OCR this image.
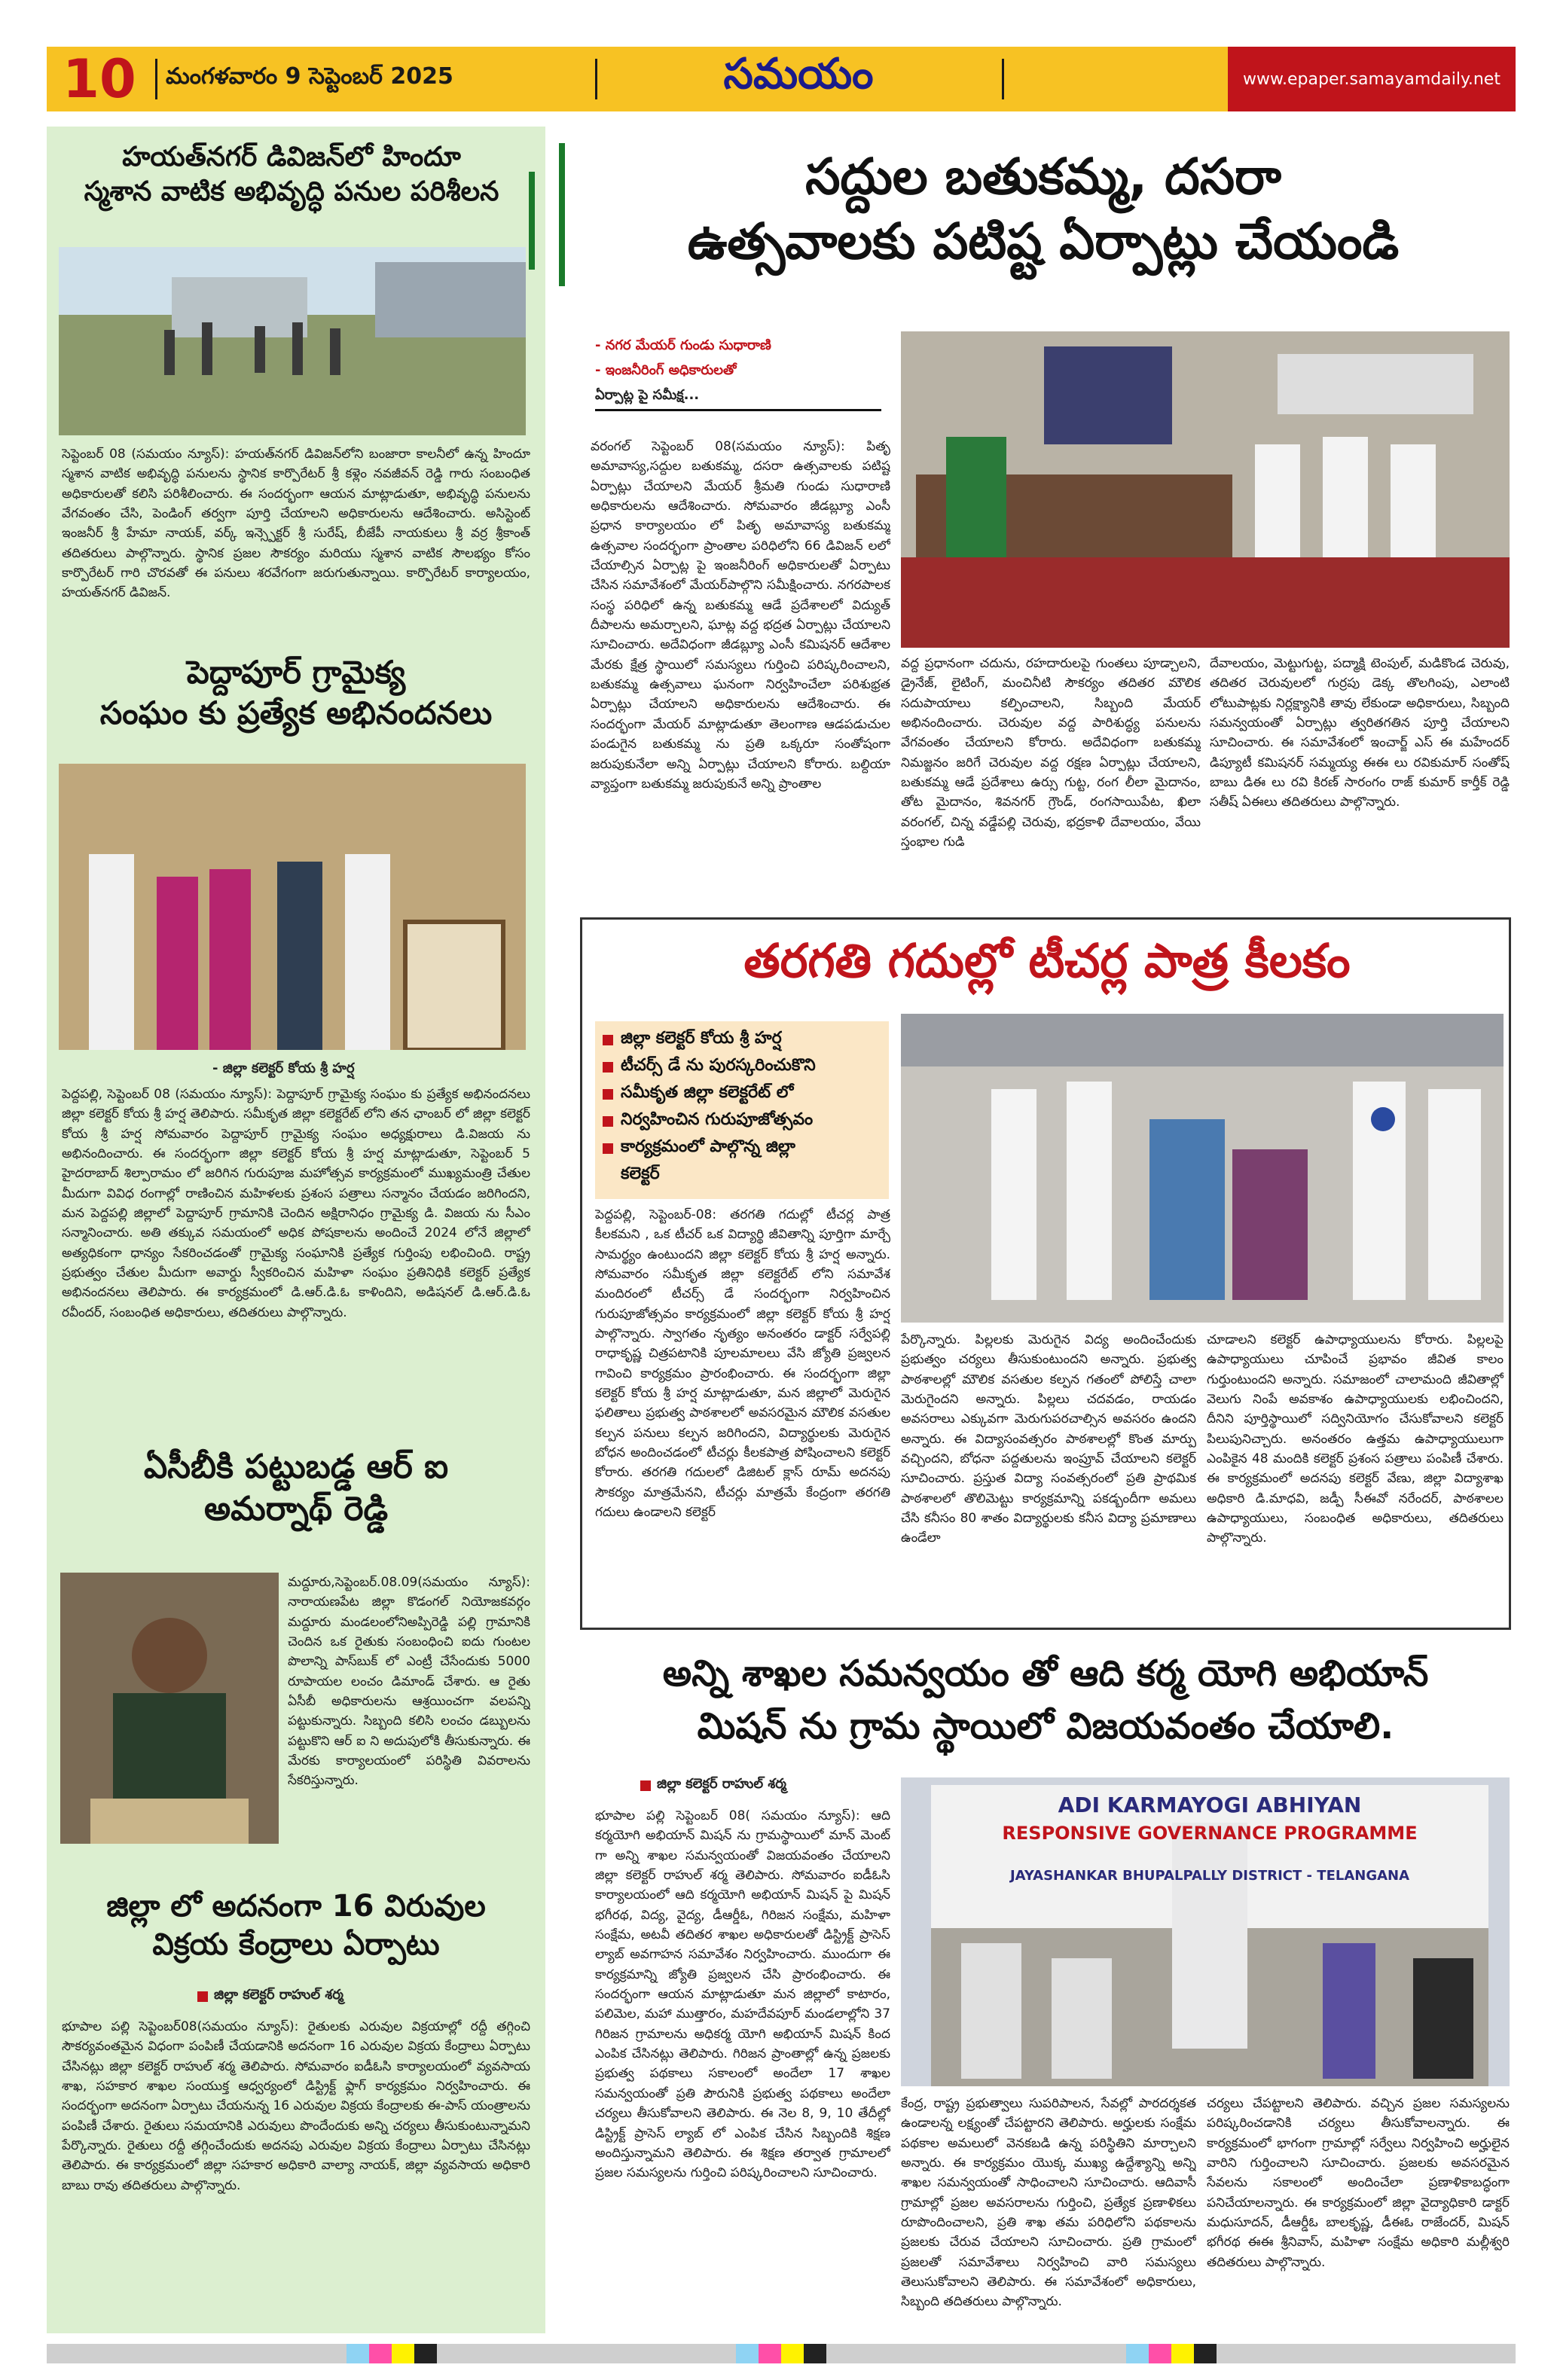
10	మంగళవారం 9 సెప్టెంబర్ 2025	సమయం	www.epaper.samayamdaily.net
హయత్‌నగర్ డివిజన్‌లో హిందూ
స్మశాన వాటిక అభివృద్ధి పనుల పరిశీలన
సెప్టెంబర్ 08 (సమయం న్యూస్): హయత్‌నగర్ డివిజన్‌లోని బంజారా కాలనీలో ఉన్న హిందూ స్మశాన వాటిక అభివృద్ధి పనులను స్థానిక కార్పొరేటర్ శ్రీ కళ్లెం నవజీవన్ రెడ్డి గారు సంబంధిత అధికారులతో కలిసి పరిశీలించారు. ఈ సందర్భంగా ఆయన మాట్లాడుతూ, అభివృద్ధి పనులను వేగవంతం చేసి, పెండింగ్ తర్వగా పూర్తి చేయాలని అధికారులను ఆదేశించారు. అసిస్టెంట్ ఇంజనీర్ శ్రీ హేమా నాయక్, వర్క్ ఇన్స్పెక్టర్ శ్రీ సురేష్, బీజేపీ నాయకులు శ్రీ వర్ర శ్రీకాంత్ తదితరులు పాల్గొన్నారు. స్థానిక ప్రజల సౌకర్యం మరియు స్మశాన వాటిక సౌలభ్యం కోసం కార్పొరేటర్ గారి చొరవతో ఈ పనులు శరవేగంగా జరుగుతున్నాయి. కార్పొరేటర్ కార్యాలయం, హయత్‌నగర్ డివిజన్.
పెద్దాపూర్ గ్రామైక్య
సంఘం కు ప్రత్యేక అభినందనలు
- జిల్లా కలెక్టర్ కోయ శ్రీ హర్ష
పెద్దపల్లి, సెప్టెంబర్ 08 (సమయం న్యూస్): పెద్దాపూర్ గ్రామైక్య సంఘం కు ప్రత్యేక అభినందనలు జిల్లా కలెక్టర్ కోయ శ్రీ హర్ష తెలిపారు. సమీకృత జిల్లా కలెక్టరేట్ లోని తన ఛాంబర్ లో జిల్లా కలెక్టర్ కోయ శ్రీ హర్ష సోమవారం పెద్దాపూర్ గ్రామైక్య సంఘం అధ్యక్షురాలు డి.విజయ ను అభినందించారు. ఈ సందర్భంగా జిల్లా కలెక్టర్ కోయ శ్రీ హర్ష మాట్లాడుతూ, సెప్టెంబర్ 5 హైదరాబాద్ శిల్పారామం లో జరిగిన గురుపూజ మహోత్సవ కార్యక్రమంలో ముఖ్యమంత్రి చేతుల మీదుగా వివిధ రంగాల్లో రాణించిన మహిళలకు ప్రశంస పత్రాలు సన్మానం చేయడం జరిగిందని, మన పెద్దపల్లి జిల్లాలో పెద్దాపూర్ గ్రామానికి చెందిన అక్షిరానిధం గ్రామైక్య డి. విజయ ను సీఎం సన్మానించారు. అతి తక్కువ సమయంలో అధిక పోషకాలను అందించే 2024 లోనే జిల్లాలో అత్యధికంగా ధాన్యం సేకరించడంతో గ్రామైక్య సంఘానికి ప్రత్యేక గుర్తింపు లభించింది. రాష్ట్ర ప్రభుత్వం చేతుల మీదుగా అవార్డు స్వీకరించిన మహిళా సంఘం ప్రతినిధికి కలెక్టర్ ప్రత్యేక అభినందనలు తెలిపారు. ఈ కార్యక్రమంలో డి.ఆర్.డి.ఓ కాళిందిని, అడిషనల్ డి.ఆర్.డి.ఓ రవీందర్, సంబంధిత అధికారులు, తదితరులు పాల్గొన్నారు.
ఏసీబీకి పట్టుబడ్డ ఆర్ ఐ
అమర్నాథ్ రెడ్డి
మద్దూరు,సెప్టెంబర్.08.09(సమయం న్యూస్): నారాయణపేట జిల్లా కొడంగల్ నియోజకవర్గం మద్దూరు మండలంలోనిఅప్పిరెడ్డి పల్లి గ్రామానికి చెందిన ఒక రైతుకు సంబంధించి ఐదు గుంటల పొలాన్ని పాస్‌బుక్ లో ఎంట్రీ చేసేందుకు 5000 రూపాయల లంచం డిమాండ్ చేశారు. ఆ రైతు ఏసీబీ అధికారులను ఆశ్రయించగా వలపన్ని పట్టుకున్నారు. సిబ్బంది కలిసి లంచం డబ్బులను పట్టుకొని ఆర్ ఐ ని అదుపులోకి తీసుకున్నారు. ఈ మేరకు కార్యాలయంలో పరిస్థితి వివరాలను సేకరిస్తున్నారు.
జిల్లా లో అదనంగా 16 విరువుల
విక్రయ కేంద్రాలు ఏర్పాటు
జిల్లా కలెక్టర్ రాహుల్ శర్మ
భూపాల పల్లి సెప్టెంబర్08(సమయం న్యూస్): రైతులకు ఎరువుల విక్రయాల్లో రద్దీ తగ్గించి సౌకర్యవంతమైన విధంగా పంపిణీ చేయడానికి అదనంగా 16 ఎరువుల విక్రయ కేంద్రాలు ఏర్పాటు చేసినట్లు జిల్లా కలెక్టర్ రాహుల్ శర్మ తెలిపారు. సోమవారం ఐడీఓసి కార్యాలయంలో వ్యవసాయ శాఖ, సహకార శాఖల సంయుక్త ఆధ్వర్యంలో డిస్ట్రిక్ట్ ఫ్లాగ్ కార్యక్రమం నిర్వహించారు. ఈ సందర్భంగా అదనంగా ఏర్పాటు చేయనున్న 16 ఎరువుల విక్రయ కేంద్రాలకు ఈ-పాస్ యంత్రాలను పంపిణీ చేశారు. రైతులు సమయానికి ఎరువులు పొందేందుకు అన్ని చర్యలు తీసుకుంటున్నామని పేర్కొన్నారు. రైతులు రద్దీ తగ్గించేందుకు అదనపు ఎరువుల విక్రయ కేంద్రాలు ఏర్పాటు చేసినట్లు తెలిపారు. ఈ కార్యక్రమంలో జిల్లా సహకార అధికారి వాల్యా నాయక్, జిల్లా వ్యవసాయ అధికారి బాబు రావు తదితరులు పాల్గొన్నారు.
సద్దుల బతుకమ్మ, దసరా
ఉత్సవాలకు పటిష్ట ఏర్పాట్లు చేయండి
- నగర మేయర్ గుండు సుధారాణి
- ఇంజనీరింగ్ అధికారులతో
ఏర్పాట్ల పై సమీక్ష...
వరంగల్ సెప్టెంబర్ 08(సమయం న్యూస్): పితృ అమావాస్య,సద్దుల బతుకమ్మ, దసరా ఉత్సవాలకు పటిష్ట ఏర్పాట్లు చేయాలని మేయర్ శ్రీమతి గుండు సుధారాణి అధికారులను ఆదేశించారు. సోమవారం జీడబ్ల్యూ ఎంసీ ప్రధాన కార్యాలయం లో పితృ అమావాస్య బతుకమ్మ ఉత్సవాల సందర్భంగా ప్రాంతాల పరిధిలోని 66 డివిజన్ లలో చేయాల్సిన ఏర్పాట్ల పై ఇంజనీరింగ్ అధికారులతో ఏర్పాటు చేసిన సమావేశంలో మేయర్‌పాల్గొని సమీక్షించారు. నగరపాలక సంస్థ పరిధిలో ఉన్న బతుకమ్మ ఆడే ప్రదేశాలలో విద్యుత్ దీపాలను అమర్చాలని, ఘాట్ల వద్ద భద్రత ఏర్పాట్లు చేయాలని సూచించారు. అదేవిధంగా జీడబ్ల్యూ ఎంసీ కమిషనర్ ఆదేశాల మేరకు క్షేత్ర స్థాయిలో సమస్యలు గుర్తించి పరిష్కరించాలని, బతుకమ్మ ఉత్సవాలు ఘనంగా నిర్వహించేలా పరిశుభ్రత ఏర్పాట్లు చేయాలని అధికారులను ఆదేశించారు. ఈ సందర్భంగా మేయర్ మాట్లాడుతూ తెలంగాణ ఆడపడుచుల పండుగైన బతుకమ్మ ను ప్రతి ఒక్కరూ సంతోషంగా జరుపుకునేలా అన్ని ఏర్పాట్లు చేయాలని కోరారు. బల్దియా వ్యాప్తంగా బతుకమ్మ జరుపుకునే అన్ని ప్రాంతాల
వద్ద ప్రధానంగా చదును, రహదారులపై గుంతలు పూడ్చాలని, డ్రైనేజ్, లైటింగ్, మంచినీటి సౌకర్యం తదితర మౌలిక సదుపాయాలు కల్పించాలని, సిబ్బంది మేయర్ అభినందించారు. చెరువుల వద్ద పారిశుద్ధ్య పనులను వేగవంతం చేయాలని కోరారు. అదేవిధంగా బతుకమ్మ నిమజ్జనం జరిగే చెరువుల వద్ద రక్షణ ఏర్పాట్లు చేయాలని, బతుకమ్మ ఆడే ప్రదేశాలు ఉర్సు గుట్ట, రంగ లీలా మైదానం, తోట మైదానం, శివనగర్ గ్రౌండ్, రంగసాయిపేట, ఖిలా వరంగల్, చిన్న వడ్డేపల్లి చెరువు, భద్రకాళి దేవాలయం, వేయి స్తంభాల గుడి
దేవాలయం, మెట్టుగుట్ట, పద్మాక్షి టెంపుల్, మడికొండ చెరువు, తదితర చెరువులలో గుర్రపు డెక్క తొలగింపు, ఎలాంటి లోటుపాట్లకు నిర్లక్ష్యానికి తావు లేకుండా అధికారులు, సిబ్బంది సమన్వయంతో ఏర్పాట్లు త్వరితగతిన పూర్తి చేయాలని సూచించారు. ఈ సమావేశంలో ఇంచార్జ్ ఎస్ ఈ మహేందర్ డిప్యూటీ కమిషనర్ సమ్మయ్య ఈఈ లు రవికుమార్ సంతోష్ బాబు డిఈ లు రవి కిరణ్ సారంగం రాజ్ కుమార్ కార్తీక్ రెడ్డి సతీష్ ఏఈలు తదితరులు పాల్గొన్నారు.
తరగతి గదుల్లో టీచర్ల పాత్ర కీలకం
జిల్లా కలెక్టర్ కోయ శ్రీ హర్ష
టీచర్స్ డే ను పురస్కరించుకొని
సమీకృత జిల్లా కలెక్టరేట్ లో
నిర్వహించిన గురుపూజోత్సవం
కార్యక్రమంలో పాల్గొన్న జిల్లా
కలెక్టర్
పెద్దపల్లి, సెప్టెంబర్-08: తరగతి గదుల్లో టీచర్ల పాత్ర కీలకమని , ఒక టీచర్ ఒక విద్యార్థి జీవితాన్ని పూర్తిగా మార్చే సామర్థ్యం ఉంటుందని జిల్లా కలెక్టర్ కోయ శ్రీ హర్ష అన్నారు. సోమవారం సమీకృత జిల్లా కలెక్టరేట్ లోని సమావేశ మందిరంలో టీచర్స్ డే సందర్భంగా నిర్వహించిన గురుపూజోత్సవం కార్యక్రమంలో జిల్లా కలెక్టర్ కోయ శ్రీ హర్ష పాల్గొన్నారు. స్వాగతం నృత్యం అనంతరం డాక్టర్ సర్వేపల్లి రాధాకృష్ణ చిత్రపటానికి పూలమాలలు వేసి జ్యోతి ప్రజ్వలన గావించి కార్యక్రమం ప్రారంభించారు. ఈ సందర్భంగా జిల్లా కలెక్టర్ కోయ శ్రీ హర్ష మాట్లాడుతూ, మన జిల్లాలో మెరుగైన ఫలితాలు ప్రభుత్వ పాఠశాలలో అవసరమైన మౌలిక వసతుల కల్పన పనులు కల్పన జరిగిందని, విద్యార్థులకు మెరుగైన బోధన అందించడంలో టీచర్లు కీలకపాత్ర పోషించాలని కలెక్టర్ కోరారు. తరగతి గదులలో డిజిటల్ క్లాస్ రూమ్ అదనపు సౌకర్యం మాత్రమేనని, టీచర్లు మాత్రమే కేంద్రంగా తరగతి గదులు ఉండాలని కలెక్టర్
పేర్కొన్నారు. పిల్లలకు మెరుగైన విద్య అందించేందుకు ప్రభుత్వం చర్యలు తీసుకుంటుందని అన్నారు. ప్రభుత్వ పాఠశాలల్లో మౌలిక వసతుల కల్పన గతంలో పోలిస్తే చాలా మెరుగైందని అన్నారు. పిల్లలు చదవడం, రాయడం అవసరాలు ఎక్కువగా మెరుగుపరచాల్సిన అవసరం ఉందని అన్నారు. ఈ విద్యాసంవత్సరం పాఠశాలల్లో కొంత మార్పు వచ్చిందని, బోధనా పద్దతులను ఇంప్రూవ్ చేయాలని కలెక్టర్ సూచించారు. ప్రస్తుత విద్యా సంవత్సరంలో ప్రతి ప్రాథమిక పాఠశాలలో తొలిమెట్టు కార్యక్రమాన్ని పకడ్బందీగా అమలు చేసి కనీసం 80 శాతం విద్యార్థులకు కనీస విద్యా ప్రమాణాలు ఉండేలా
చూడాలని కలెక్టర్ ఉపాధ్యాయులను కోరారు. పిల్లలపై ఉపాధ్యాయులు చూపించే ప్రభావం జీవిత కాలం గుర్తుంటుందని అన్నారు. సమాజంలో చాలామంది జీవితాల్లో వెలుగు నింపే అవకాశం ఉపాధ్యాయులకు లభించిందని, దీనిని పూర్తిస్థాయిలో సద్వినియోగం చేసుకోవాలని కలెక్టర్ పిలుపునిచ్చారు. అనంతరం ఉత్తమ ఉపాధ్యాయులుగా ఎంపికైన 48 మందికి కలెక్టర్ ప్రశంస పత్రాలు పంపిణీ చేశారు. ఈ కార్యక్రమంలో అదనపు కలెక్టర్ వేణు, జిల్లా విద్యాశాఖ అధికారి డి.మాధవి, జడ్పీ సీఈవో నరేందర్, పాఠశాలల ఉపాధ్యాయులు, సంబంధిత అధికారులు, తదితరులు పాల్గొన్నారు.
అన్ని శాఖల సమన్వయం తో ఆది కర్మ యోగి అభియాన్
మిషన్ ను గ్రామ స్థాయిలో విజయవంతం చేయాలి.
జిల్లా కలెక్టర్ రాహుల్ శర్మ
ADI KARMAYOGI ABHIYAN
RESPONSIVE GOVERNANCE PROGRAMME
JAYASHANKAR BHUPALPALLY DISTRICT - TELANGANA
భూపాల పల్లి సెప్టెంబర్ 08( సమయం న్యూస్): ఆది కర్మయోగి అభియాన్ మిషన్ ను గ్రామస్థాయిలో మాన్‌ మెంట్‌ గా అన్ని శాఖల సమన్వయంతో విజయవంతం చేయాలని జిల్లా కలెక్టర్ రాహుల్ శర్మ తెలిపారు. సోమవారం ఐడీఓసి కార్యాలయంలో ఆది కర్మయోగి అభియాన్ మిషన్ పై మిషన్ భగీరథ, విద్య, వైద్య, డీఆర్డీఓ, గిరిజన సంక్షేమ, మహిళా సంక్షేమ, అటవీ తదితర శాఖల అధికారులతో డిస్ట్రిక్ట్ ప్రాసెస్ ల్యాబ్ అవగాహన సమావేశం నిర్వహించారు. ముందుగా ఈ కార్యక్రమాన్ని జ్యోతి ప్రజ్వలన చేసి ప్రారంభించారు. ఈ సందర్భంగా ఆయన మాట్లాడుతూ మన జిల్లాలో కాటారం, పలిమెల, మహా ముత్తారం, మహదేవపూర్ మండలాల్లోని 37 గిరిజన గ్రామాలను అధికర్మ యోగి అభియాన్ మిషన్ కింద ఎంపిక చేసినట్లు తెలిపారు. గిరిజన ప్రాంతాల్లో ఉన్న ప్రజలకు ప్రభుత్వ పథకాలు సకాలంలో అందేలా 17 శాఖల సమన్వయంతో ప్రతి పౌరునికి ప్రభుత్వ పథకాలు అందేలా చర్యలు తీసుకోవాలని తెలిపారు. ఈ నెల 8, 9, 10 తేదీల్లో డిస్ట్రిక్ట్ ప్రాసెస్ ల్యాబ్ లో ఎంపిక చేసిన సిబ్బందికి శిక్షణ అందిస్తున్నామని తెలిపారు. ఈ శిక్షణ తర్వాత గ్రామాలలో ప్రజల సమస్యలను గుర్తించి పరిష్కరించాలని సూచించారు.
కేంద్ర, రాష్ట్ర ప్రభుత్వాలు సుపరిపాలన, సేవల్లో పారదర్శకత ఉండాలన్న లక్ష్యంతో చేపట్టారని తెలిపారు. అర్హులకు సంక్షేమ పథకాల అమలులో వెనకబడి ఉన్న పరిస్థితిని మార్చాలని అన్నారు. ఈ కార్యక్రమం యొక్క ముఖ్య ఉద్దేశ్యాన్ని అన్ని శాఖల సమన్వయంతో సాధించాలని సూచించారు. ఆదివాసీ గ్రామాల్లో ప్రజల అవసరాలను గుర్తించి, ప్రత్యేక ప్రణాళికలు రూపొందించాలని, ప్రతి శాఖ తమ పరిధిలోని పథకాలను ప్రజలకు చేరువ చేయాలని సూచించారు. ప్రతి గ్రామంలో ప్రజలతో సమావేశాలు నిర్వహించి వారి సమస్యలు తెలుసుకోవాలని తెలిపారు. ఈ సమావేశంలో అధికారులు, సిబ్బంది తదితరులు పాల్గొన్నారు.
చర్యలు చేపట్టాలని తెలిపారు. వచ్చిన ప్రజల సమస్యలను పరిష్కరించడానికి చర్యలు తీసుకోవాలన్నారు. ఈ కార్యక్రమంలో భాగంగా గ్రామాల్లో సర్వేలు నిర్వహించి అర్హులైన వారిని గుర్తించాలని సూచించారు. ప్రజలకు అవసరమైన సేవలను సకాలంలో అందించేలా ప్రణాళికాబద్ధంగా పనిచేయాలన్నారు. ఈ కార్యక్రమంలో జిల్లా వైద్యాధికారి డాక్టర్ మధుసూదన్, డీఆర్డీఓ బాలకృష్ణ, డీఈఓ రాజేందర్, మిషన్ భగీరథ ఈఈ శ్రీనివాస్, మహిళా సంక్షేమ అధికారి మల్లీశ్వరి తదితరులు పాల్గొన్నారు.
